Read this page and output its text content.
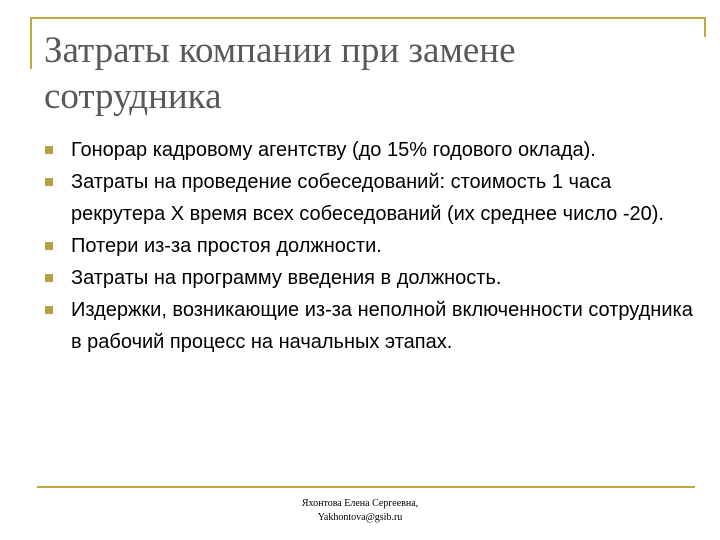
Затраты компании при замене сотрудника
Гонорар кадровому агентству (до 15% годового оклада).
Затраты на проведение собеседований: стоимость 1 часа рекрутера Х время всех собеседований (их среднее число -20).
Потери из-за простоя должности.
Затраты на программу введения в должность.
Издержки, возникающие из-за неполной включенности сотрудника в рабочий процесс на начальных этапах.
Яхонтова Елена Сергеевна,
Yakhontova@gsib.ru
